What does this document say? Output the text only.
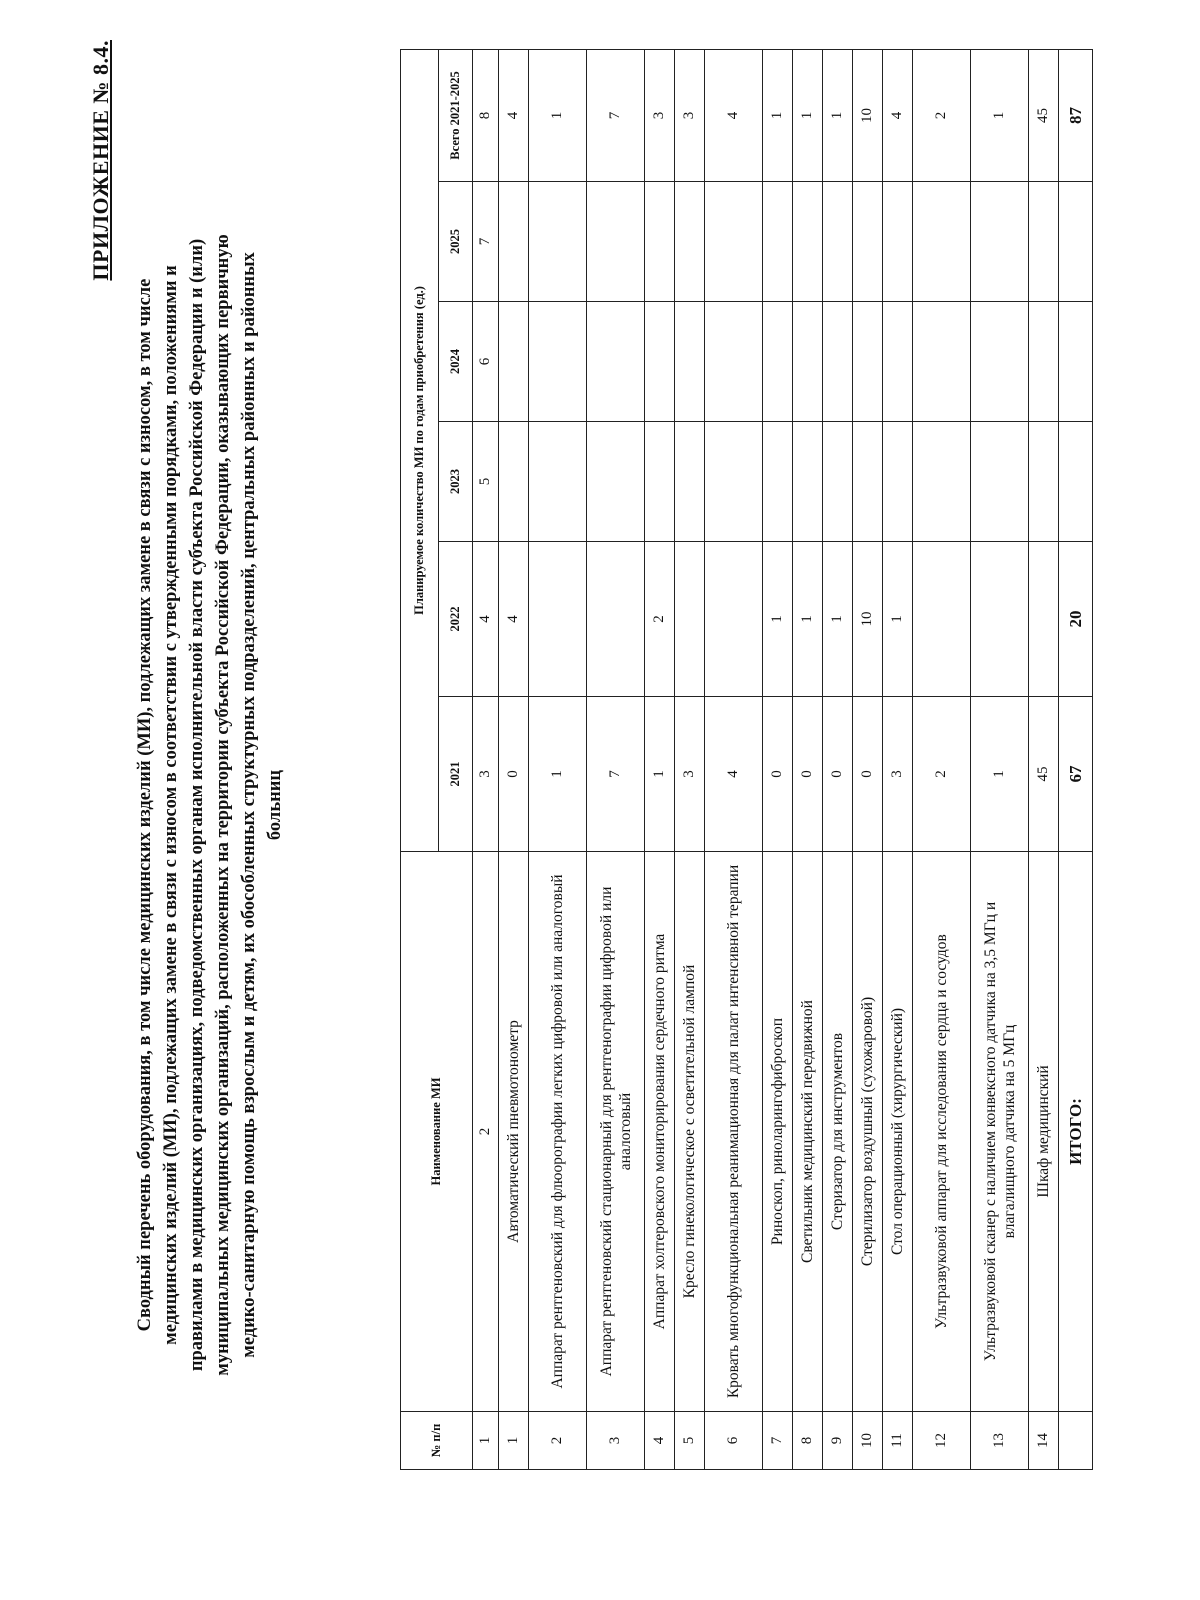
ПРИЛОЖЕНИЕ № 8.4.
Сводный перечень оборудования, в том числе медицинских изделий (МИ), подлежащих замене в связи с износом, в том числе медицинских изделий (МИ), подлежащих замене в связи с износом в соответствии с утвержденными порядками, положениями и правилами в медицинских организациях, подведомственных органам исполнительной власти субъекта Российской Федерации и (или) муниципальных медицинских организаций, расположенных на территории субъекта Российской Федерации, оказывающих первичную медико-санитарную помощь взрослым и детям, их обособленных структурных подразделений, центральных районных и районных больниц
№ п/п	Наименование МИ	Планируемое количество МИ по годам приобретения (ед.)					
		2021	2022	2023	2024	2025	Всего 2021-2025
1	2	3	4	5	6	7	8
1	Автоматический пневмотонометр	0	4				4
2	Аппарат рентгеновский для флюорографии легких цифровой или аналоговый	1					1
3	Аппарат рентгеновский стационарный для рентгенографии цифровой или аналоговый	7					7
4	Аппарат холтеровского мониторирования сердечного ритма	1	2				3
5	Кресло гинекологическое с осветительной лампой	3					3
6	Кровать многофункциональная реанимационная для палат интенсивной терапии	4					4
7	Риноскоп, риноларингофиброскоп	0	1				1
8	Светильник медицинский передвижной	0	1				1
9	Стеризатор для инструментов	0	1				1
10	Стерилизатор воздушный (сухожаровой)	0	10				10
11	Стол операционный (хирургический)	3	1				4
12	Ультразвуковой аппарат для исследования сердца и сосудов	2					2
13	Ультразвуковой сканер с наличием конвексного датчика на 3,5 МГц и влагалищного датчика на 5 МГц	1					1
14	Шкаф медицинский	45					45
	ИТОГО:	67	20				87
